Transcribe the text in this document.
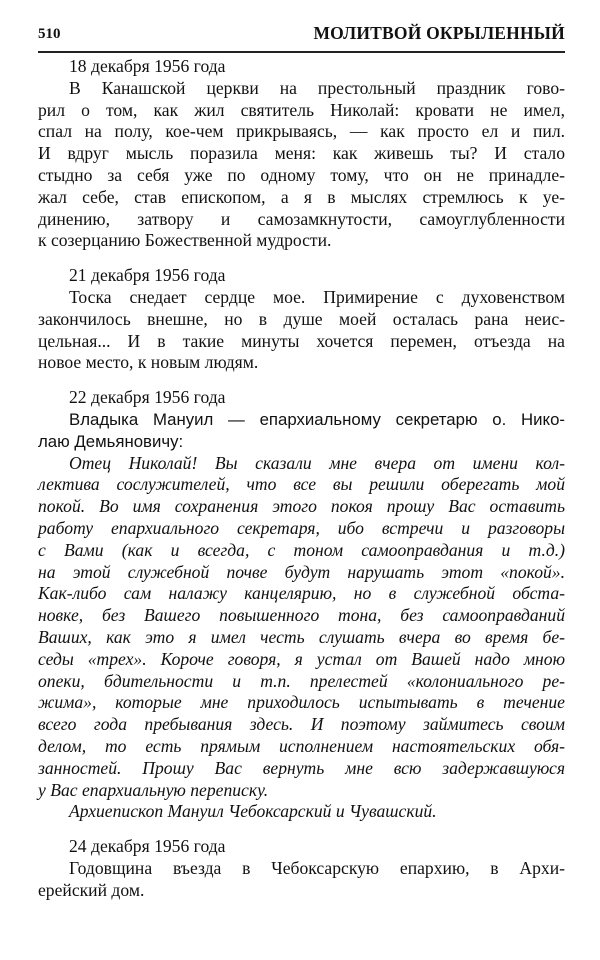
510	МОЛИТВОЙ ОКРЫЛЕННЫЙ
18 декабря 1956 года
В Канашской церкви на престольный праздник гово-
рил о том, как жил святитель Николай: кровати не имел,
спал на полу, кое-чем прикрываясь, — как просто ел и пил.
И вдруг мысль поразила меня: как живешь ты? И стало
стыдно за себя уже по одному тому, что он не принадле-
жал себе, став епископом, а я в мыслях стремлюсь к уе-
динению, затвору и самозамкнутости, самоуглубленности
к созерцанию Божественной мудрости.
21 декабря 1956 года
Тоска снедает сердце мое. Примирение с духовенством
закончилось внешне, но в душе моей осталась рана неис-
цельная... И в такие минуты хочется перемен, отъезда на
новое место, к новым людям.
22 декабря 1956 года
Владыка Мануил — епархиальному секретарю о. Нико-
лаю Демьяновичу:
Отец Николай! Вы сказали мне вчера от имени кол-
лектива сослужителей, что все вы решили оберегать мой
покой. Во имя сохранения этого покоя прошу Вас оставить
работу епархиального секретаря, ибо встречи и разговоры
с Вами (как и всегда, с тоном самооправдания и т.д.)
на этой служебной почве будут нарушать этот «покой».
Как-либо сам налажу канцелярию, но в служебной обста-
новке, без Вашего повышенного тона, без самооправданий
Ваших, как это я имел честь слушать вчера во время бе-
седы «трех». Короче говоря, я устал от Вашей надо мною
опеки, бдительности и т.п. прелестей «колониального ре-
жима», которые мне приходилось испытывать в течение
всего года пребывания здесь. И поэтому займитесь своим
делом, то есть прямым исполнением настоятельских обя-
занностей. Прошу Вас вернуть мне всю задержавшуюся
у Вас епархиальную переписку.
Архиепископ Мануил Чебоксарский и Чувашский.
24 декабря 1956 года
Годовщина въезда в Чебоксарскую епархию, в Архи-
ерейский дом.
